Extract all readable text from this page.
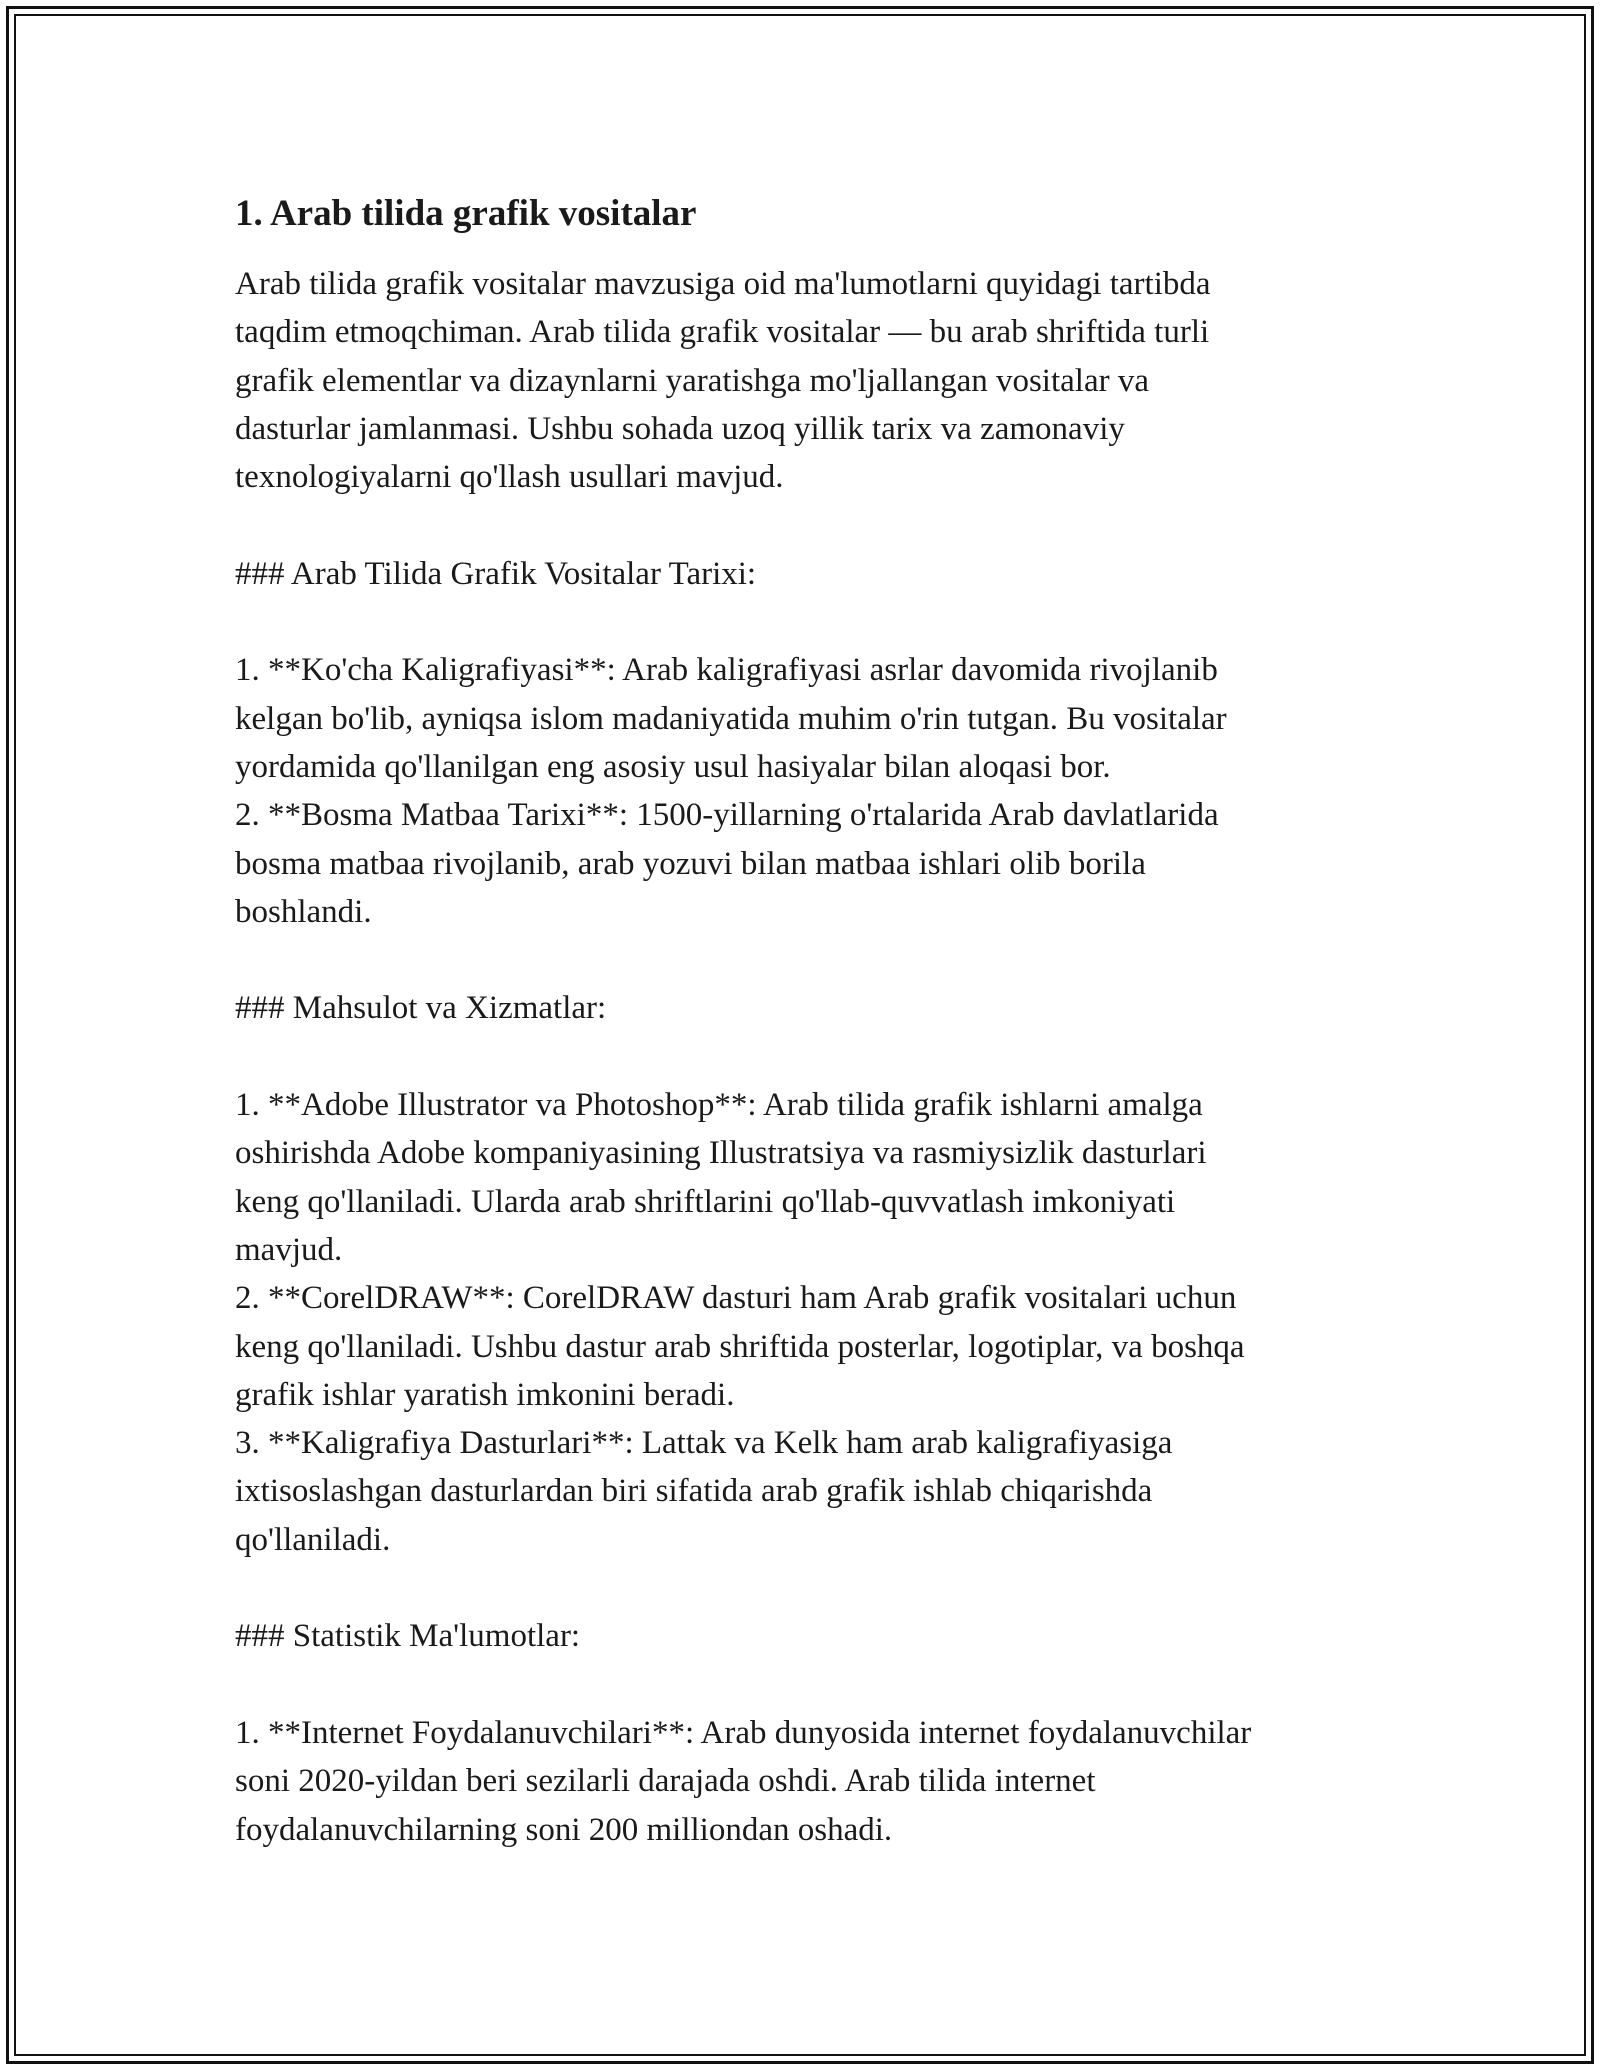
1. Arab tilida grafik vositalar

Arab tilida grafik vositalar mavzusiga oid ma'lumotlarni quyidagi tartibda
taqdim etmoqchiman. Arab tilida grafik vositalar — bu arab shriftida turli
grafik elementlar va dizaynlarni yaratishga mo'ljallangan vositalar va
dasturlar jamlanmasi. Ushbu sohada uzoq yillik tarix va zamonaviy
texnologiyalarni qo'llash usullari mavjud.

### Arab Tilida Grafik Vositalar Tarixi:

1. **Ko'cha Kaligrafiyasi**: Arab kaligrafiyasi asrlar davomida rivojlanib
kelgan bo'lib, ayniqsa islom madaniyatida muhim o'rin tutgan. Bu vositalar
yordamida qo'llanilgan eng asosiy usul hasiyalar bilan aloqasi bor.
2. **Bosma Matbaa Tarixi**: 1500-yillarning o'rtalarida Arab davlatlarida
bosma matbaa rivojlanib, arab yozuvi bilan matbaa ishlari olib borila
boshlandi.

### Mahsulot va Xizmatlar:

1. **Adobe Illustrator va Photoshop**: Arab tilida grafik ishlarni amalga
oshirishda Adobe kompaniyasining Illustratsiya va rasmiysizlik dasturlari
keng qo'llaniladi. Ularda arab shriftlarini qo'llab-quvvatlash imkoniyati
mavjud.
2. **CorelDRAW**: CorelDRAW dasturi ham Arab grafik vositalari uchun
keng qo'llaniladi. Ushbu dastur arab shriftida posterlar, logotiplar, va boshqa
grafik ishlar yaratish imkonini beradi.
3. **Kaligrafiya Dasturlari**: Lattak va Kelk ham arab kaligrafiyasiga
ixtisoslashgan dasturlardan biri sifatida arab grafik ishlab chiqarishda
qo'llaniladi.

### Statistik Ma'lumotlar:

1. **Internet Foydalanuvchilari**: Arab dunyosida internet foydalanuvchilar
soni 2020-yildan beri sezilarli darajada oshdi. Arab tilida internet
foydalanuvchilarning soni 200 milliondan oshadi.
